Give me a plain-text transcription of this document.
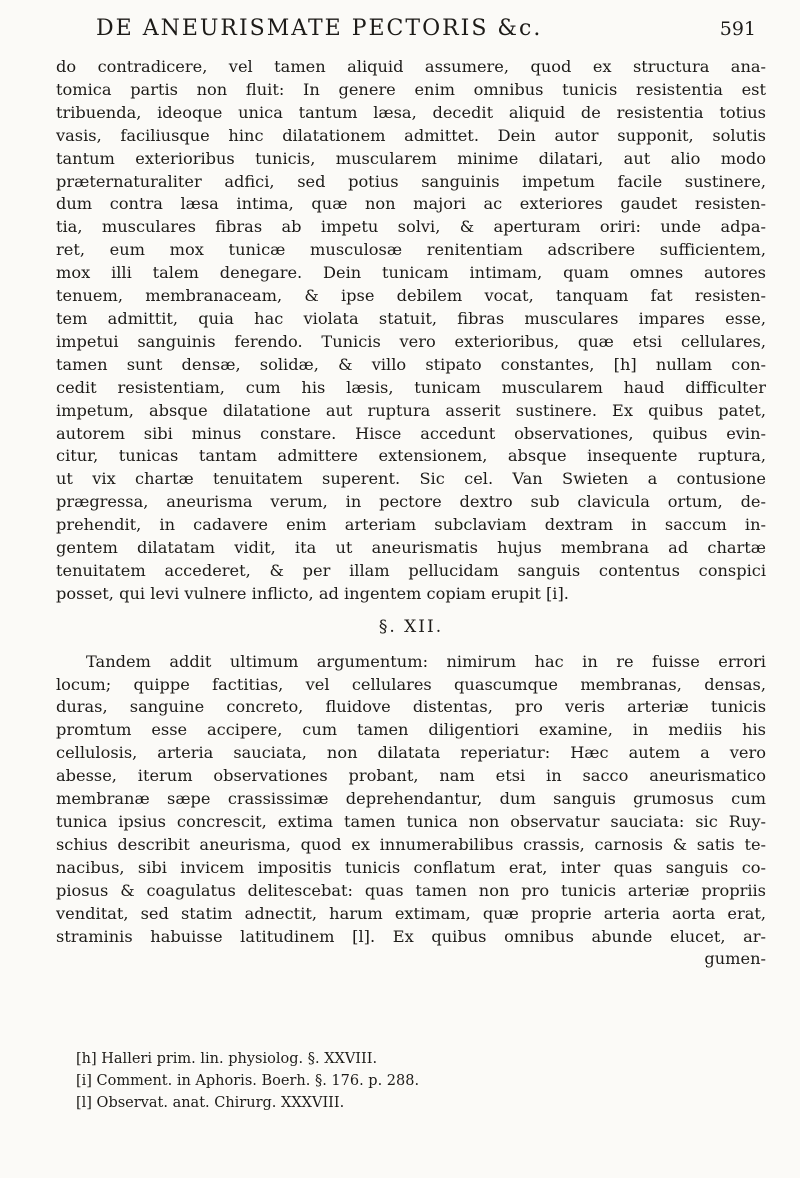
DE ANEURISMATE PECTORIS &c.	591
do contradicere, vel tamen aliquid assumere, quod ex structura ana-
tomica partis non fluit: In genere enim omnibus tunicis resistentia est
tribuenda, ideoque unica tantum læsa, decedit aliquid de resistentia totius
vasis, faciliusque hinc dilatationem admittet. Dein autor supponit, solutis
tantum exterioribus tunicis, muscularem minime dilatari, aut alio modo
præternaturaliter adfici, sed potius sanguinis impetum facile sustinere,
dum contra læsa intima, quæ non majori ac exteriores gaudet resisten-
tia, musculares fibras ab impetu solvi, & aperturam oriri: unde adpa-
ret, eum mox tunicæ musculosæ renitentiam adscribere sufficientem,
mox illi talem denegare. Dein tunicam intimam, quam omnes autores
tenuem, membranaceam, & ipse debilem vocat, tanquam fat resisten-
tem admittit, quia hac violata statuit, fibras musculares impares esse,
impetui sanguinis ferendo. Tunicis vero exterioribus, quæ etsi cellulares,
tamen sunt densæ, solidæ, & villo stipato constantes, [h] nullam con-
cedit resistentiam, cum his læsis, tunicam muscularem haud difficulter
impetum, absque dilatatione aut ruptura asserit sustinere. Ex quibus patet,
autorem sibi minus constare. Hisce accedunt observationes, quibus evin-
citur, tunicas tantam admittere extensionem, absque insequente ruptura,
ut vix chartæ tenuitatem superent. Sic cel. Van Swieten a contusione
prægressa, aneurisma verum, in pectore dextro sub clavicula ortum, de-
prehendit, in cadavere enim arteriam subclaviam dextram in saccum in-
gentem dilatatam vidit, ita ut aneurismatis hujus membrana ad chartæ
tenuitatem accederet, & per illam pellucidam sanguis contentus conspici
posset, qui levi vulnere inflicto, ad ingentem copiam erupit [i].
§. XII.
Tandem addit ultimum argumentum: nimirum hac in re fuisse errori
locum; quippe factitias, vel cellulares quascumque membranas, densas,
duras, sanguine concreto, fluidove distentas, pro veris arteriæ tunicis
promtum esse accipere, cum tamen diligentiori examine, in mediis his
cellulosis, arteria sauciata, non dilatata reperiatur: Hæc autem a vero
abesse, iterum observationes probant, nam etsi in sacco aneurismatico
membranæ sæpe crassissimæ deprehendantur, dum sanguis grumosus cum
tunica ipsius concrescit, extima tamen tunica non observatur sauciata: sic Ruy-
schius describit aneurisma, quod ex innumerabilibus crassis, carnosis & satis te-
nacibus, sibi invicem impositis tunicis conflatum erat, inter quas sanguis co-
piosus & coagulatus delitescebat: quas tamen non pro tunicis arteriæ propriis
venditat, sed statim adnectit, harum extimam, quæ proprie arteria aorta erat,
straminis habuisse latitudinem [l]. Ex quibus omnibus abunde elucet, ar-
gumen-
[h] Halleri prim. lin. physiolog. §. XXVIII.
[i] Comment. in Aphoris. Boerh. §. 176. p. 288.
[l] Observat. anat. Chirurg. XXXVIII.
